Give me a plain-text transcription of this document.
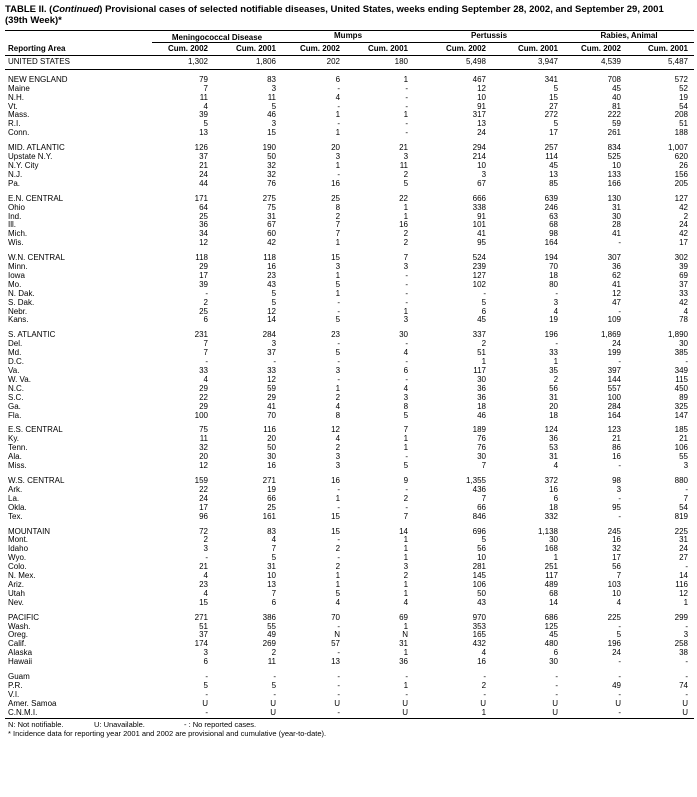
TABLE II. (Continued) Provisional cases of selected notifiable diseases, United States, weeks ending September 28, 2002, and September 29, 2001
(39th Week)*
	Meningococcal Disease		Mumps		Pertussis		Rabies, Animal	
Reporting Area	Cum. 2002	Cum. 2001	Cum. 2002	Cum. 2001	Cum. 2002	Cum. 2001	Cum. 2002	Cum. 2001
UNITED STATES	1,302	1,806	202	180	5,498	3,947	4,539	5,487

NEW ENGLAND	79	83	6	1	467	341	708	572
Maine	7	3	-	-	12	5	45	52
N.H.	11	11	4	-	10	15	40	19
Vt.	4	5	-	-	91	27	81	54
Mass.	39	46	1	1	317	272	222	208
R.I.	5	3	-	-	13	5	59	51
Conn.	13	15	1	-	24	17	261	188

MID. ATLANTIC	126	190	20	21	294	257	834	1,007
Upstate N.Y.	37	50	3	3	214	114	525	620
N.Y. City	21	32	1	11	10	45	10	26
N.J.	24	32	-	2	3	13	133	156
Pa.	44	76	16	5	67	85	166	205

E.N. CENTRAL	171	275	25	22	666	639	130	127
Ohio	64	75	8	1	338	246	31	42
Ind.	25	31	2	1	91	63	30	2
Ill.	36	67	7	16	101	68	28	24
Mich.	34	60	7	2	41	98	41	42
Wis.	12	42	1	2	95	164	-	17

W.N. CENTRAL	118	118	15	7	524	194	307	302
Minn.	29	16	3	3	239	70	36	39
Iowa	17	23	1	-	127	18	62	69
Mo.	39	43	5	-	102	80	41	37
N. Dak.	-	5	1	-	-	-	12	33
S. Dak.	2	5	-	-	5	3	47	42
Nebr.	25	12	-	1	6	4	-	4
Kans.	6	14	5	3	45	19	109	78

S. ATLANTIC	231	284	23	30	337	196	1,869	1,890
Del.	7	3	-	-	2	-	24	30
Md.	7	37	5	4	51	33	199	385
D.C.	-	-	-	-	1	1	-	-
Va.	33	33	3	6	117	35	397	349
W. Va.	4	12	-	-	30	2	144	115
N.C.	29	59	1	4	36	56	557	450
S.C.	22	29	2	3	36	31	100	89
Ga.	29	41	4	8	18	20	284	325
Fla.	100	70	8	5	46	18	164	147

E.S. CENTRAL	75	116	12	7	189	124	123	185
Ky.	11	20	4	1	76	36	21	21
Tenn.	32	50	2	1	76	53	86	106
Ala.	20	30	3	-	30	31	16	55
Miss.	12	16	3	5	7	4	-	3

W.S. CENTRAL	159	271	16	9	1,355	372	98	880
Ark.	22	19	-	-	436	16	3	-
La.	24	66	1	2	7	6	-	7
Okla.	17	25	-	-	66	18	95	54
Tex.	96	161	15	7	846	332	-	819

MOUNTAIN	72	83	15	14	696	1,138	245	225
Mont.	2	4	-	1	5	30	16	31
Idaho	3	7	2	1	56	168	32	24
Wyo.	-	5	-	1	10	1	17	27
Colo.	21	31	2	3	281	251	56	-
N. Mex.	4	10	1	2	145	117	7	14
Ariz.	23	13	1	1	106	489	103	116
Utah	4	7	5	1	50	68	10	12
Nev.	15	6	4	4	43	14	4	1

PACIFIC	271	386	70	69	970	686	225	299
Wash.	51	55	-	1	353	125	-	-
Oreg.	37	49	N	N	165	45	5	3
Calif.	174	269	57	31	432	480	196	258
Alaska	3	2	-	1	4	6	24	38
Hawaii	6	11	13	36	16	30	-	-

Guam	-	-	-	-	-	-	-	-
P.R.	5	5	-	1	2	-	49	74
V.I.	-	-	-	-	-	-	-	-
Amer. Samoa	U	U	U	U	U	U	U	U
C.N.M.I.	-	U	-	U	1	U	-	U
N: Not notifiable.	U: Unavailable.	- : No reported cases.
* Incidence data for reporting year 2001 and 2002 are provisional and cumulative (year-to-date).
